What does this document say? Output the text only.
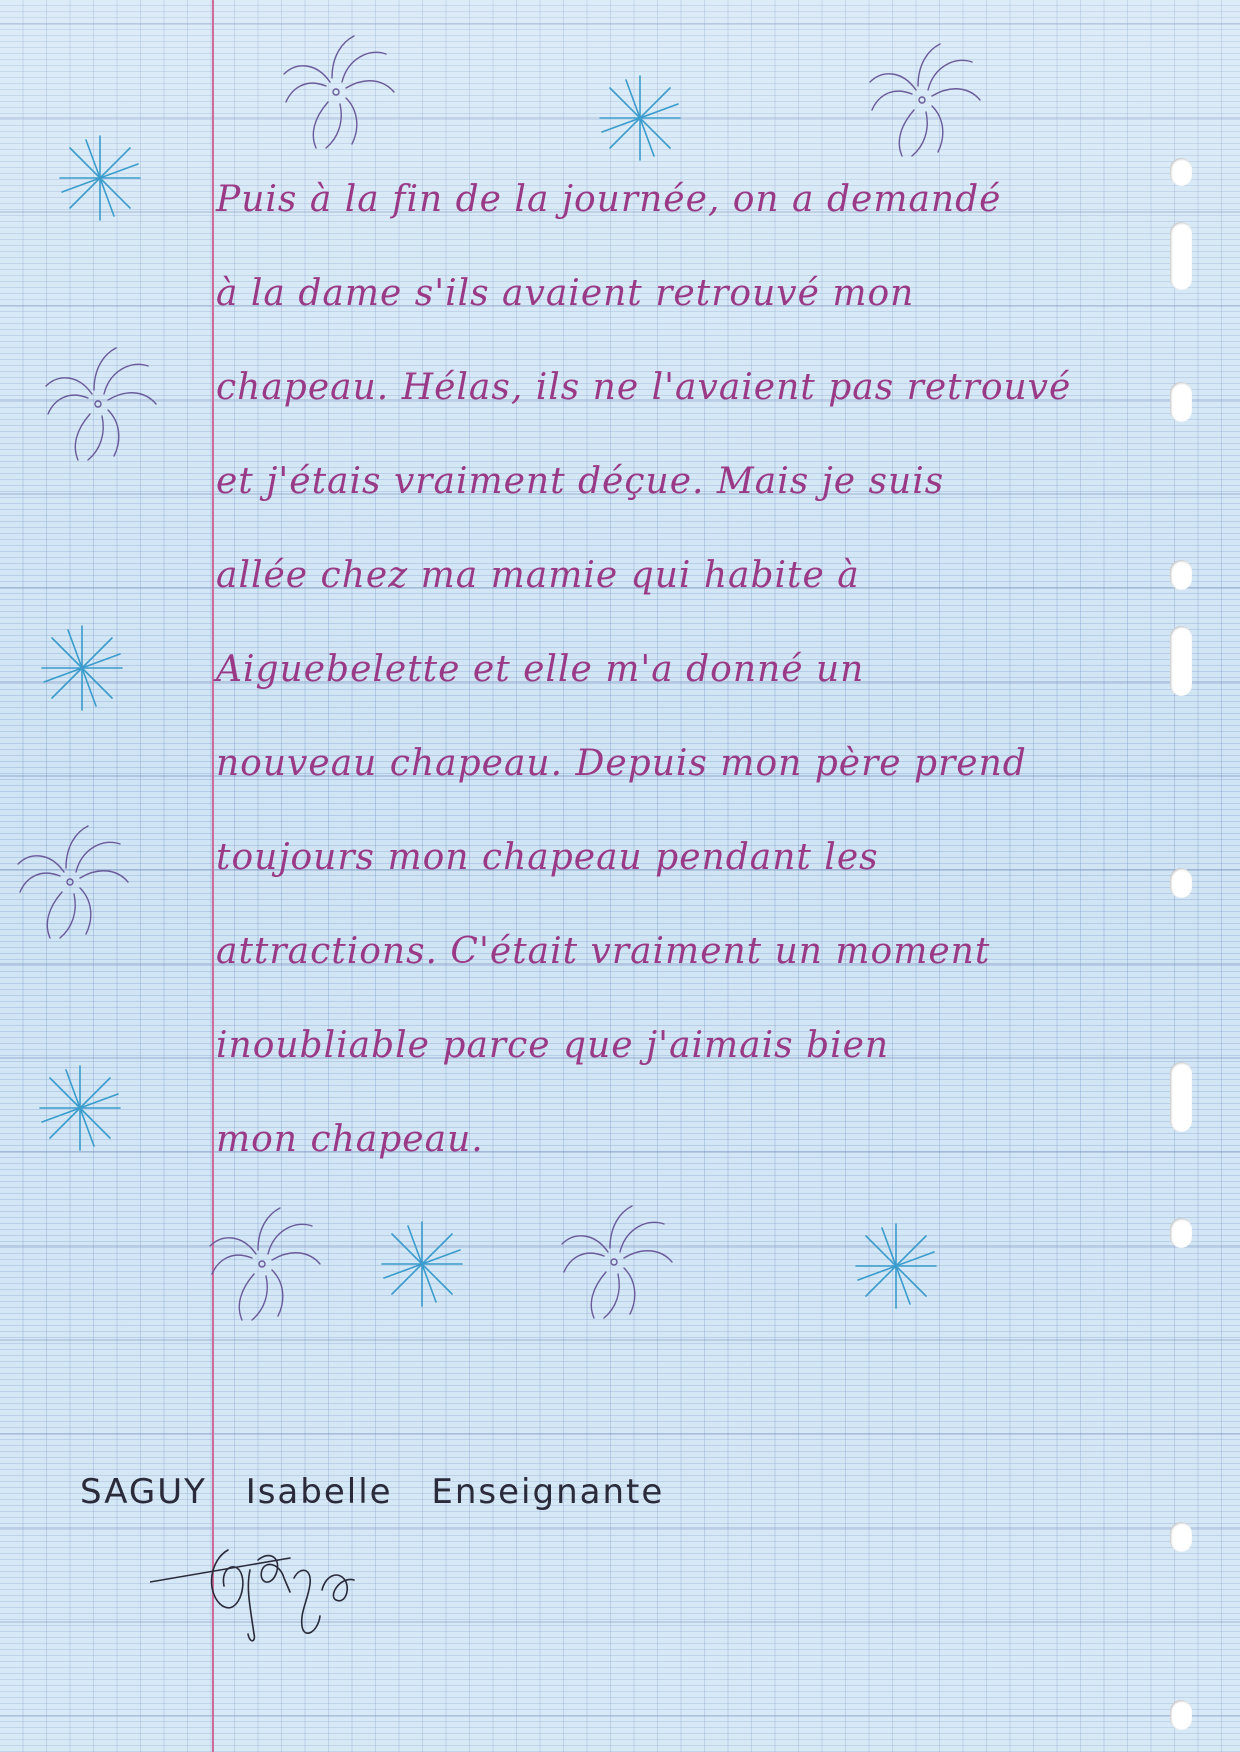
Puis à la fin de la journée, on a demandé
à la dame s'ils avaient retrouvé mon
chapeau. Hélas, ils ne l'avaient pas retrouvé
et j'étais vraiment déçue. Mais je suis
allée chez ma mamie qui habite à
Aiguebelette et elle m'a donné un
nouveau chapeau. Depuis mon père prend
toujours mon chapeau pendant les
attractions. C'était vraiment un moment
inoubliable parce que j'aimais bien
mon chapeau.
SAGUY Isabelle Enseignante
